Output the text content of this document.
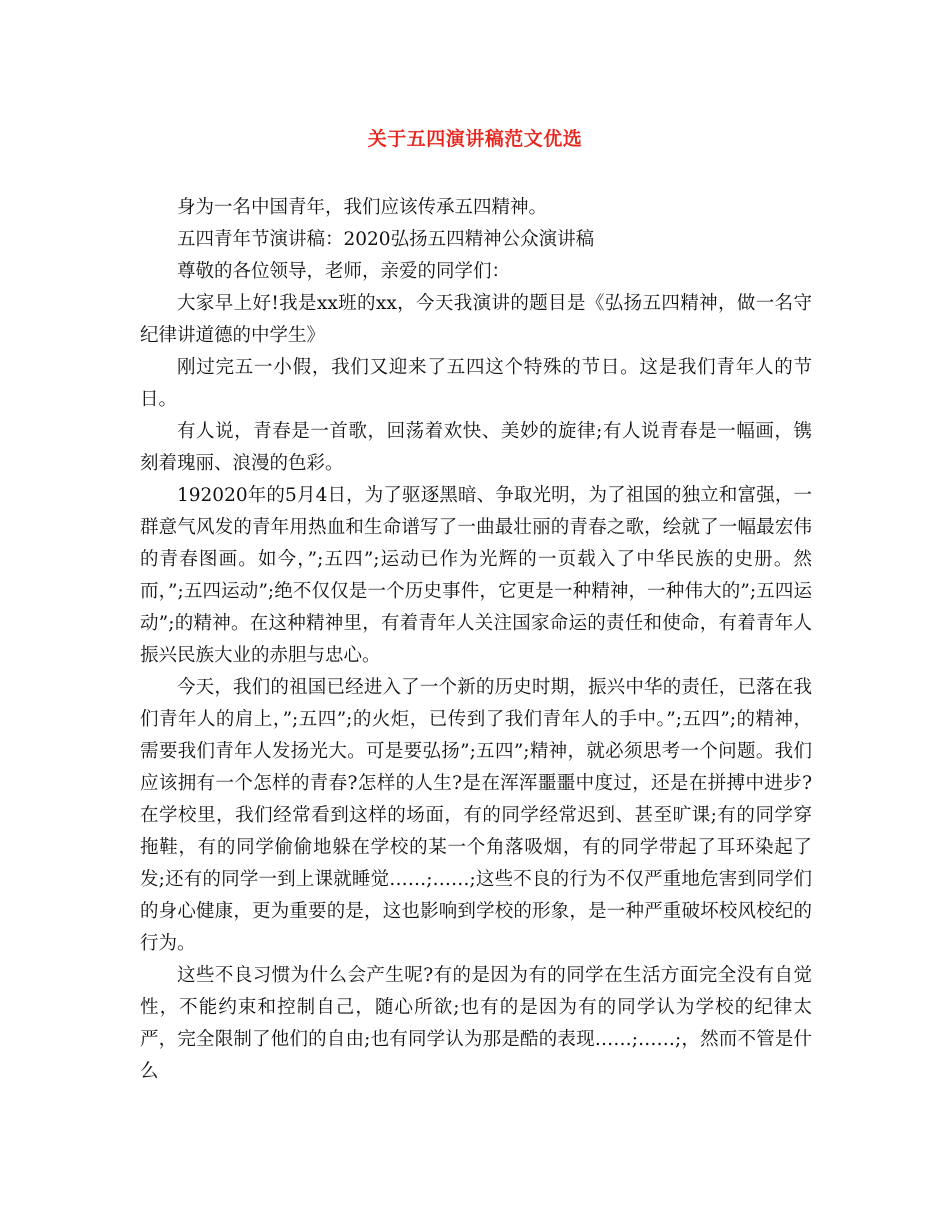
关于五四演讲稿范文优选

身为一名中国青年，我们应该传承五四精神。

五四青年节演讲稿：2020弘扬五四精神公众演讲稿

尊敬的各位领导，老师，亲爱的同学们：

大家早上好!我是xx班的xx，今天我演讲的题目是《弘扬五四精神，做一名守纪律讲道德的中学生》

刚过完五一小假，我们又迎来了五四这个特殊的节日。这是我们青年人的节日。

有人说，青春是一首歌，回荡着欢快、美妙的旋律;有人说青春是一幅画，镌刻着瑰丽、浪漫的色彩。

192020年的5月4日，为了驱逐黑暗、争取光明，为了祖国的独立和富强，一群意气风发的青年用热血和生命谱写了一曲最壮丽的青春之歌，绘就了一幅最宏伟的青春图画。如今，”;五四”;运动已作为光辉的一页载入了中华民族的史册。然而，”;五四运动”;绝不仅仅是一个历史事件，它更是一种精神，一种伟大的”;五四运动”;的精神。在这种精神里，有着青年人关注国家命运的责任和使命，有着青年人振兴民族大业的赤胆与忠心。

今天，我们的祖国已经进入了一个新的历史时期，振兴中华的责任，已落在我们青年人的肩上，”;五四”;的火炬，已传到了我们青年人的手中。”;五四”;的精神，需要我们青年人发扬光大。可是要弘扬”;五四”;精神，就必须思考一个问题。我们应该拥有一个怎样的青春?怎样的人生?是在浑浑噩噩中度过，还是在拼搏中进步? 在学校里，我们经常看到这样的场面，有的同学经常迟到、甚至旷课;有的同学穿拖鞋，有的同学偷偷地躲在学校的某一个角落吸烟，有的同学带起了耳环染起了发;还有的同学一到上课就睡觉……;……;这些不良的行为不仅严重地危害到同学们的身心健康，更为重要的是，这也影响到学校的形象，是一种严重破坏校风校纪的行为。

这些不良习惯为什么会产生呢?有的是因为有的同学在生活方面完全没有自觉性，不能约束和控制自己，随心所欲;也有的是因为有的同学认为学校的纪律太严，完全限制了他们的自由;也有同学认为那是酷的表现……;……;，然而不管是什么
